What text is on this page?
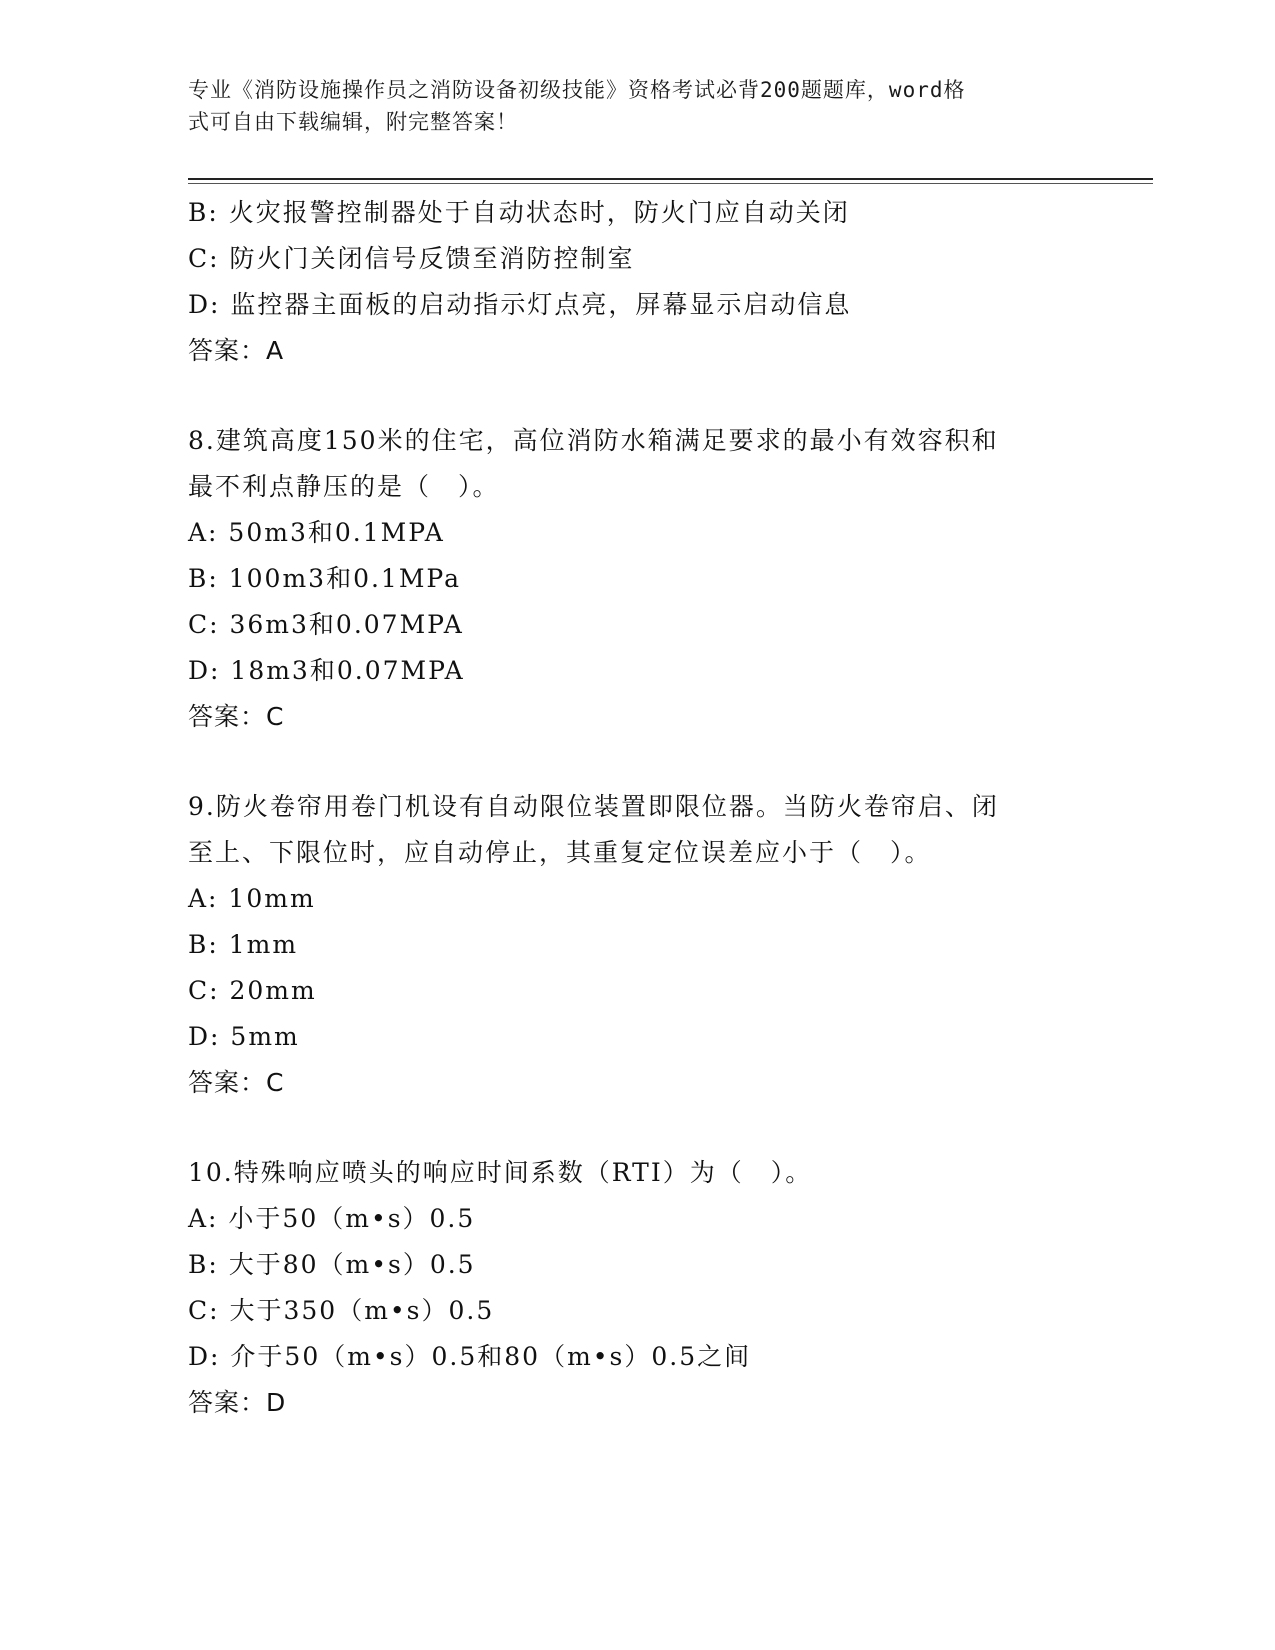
专业《消防设施操作员之消防设备初级技能》资格考试必背200题题库，word格
式可自由下载编辑，附完整答案！
B: 火灾报警控制器处于自动状态时，防火门应自动关闭
C: 防火门关闭信号反馈至消防控制室
D: 监控器主面板的启动指示灯点亮，屏幕显示启动信息
答案：A
8.建筑高度150米的住宅，高位消防水箱满足要求的最小有效容积和
最不利点静压的是（　）。
A: 50m3和0.1MPA
B: 100m3和0.1MPa
C: 36m3和0.07MPA
D: 18m3和0.07MPA
答案：C
9.防火卷帘用卷门机设有自动限位装置即限位器。当防火卷帘启、闭
至上、下限位时，应自动停止，其重复定位误差应小于（　）。
A: 10mm
B: 1mm
C: 20mm
D: 5mm
答案：C
10.特殊响应喷头的响应时间系数（RTI）为（　）。
A: 小于50（m•s）0.5
B: 大于80（m•s）0.5
C: 大于350（m•s）0.5
D: 介于50（m•s）0.5和80（m•s）0.5之间
答案：D
